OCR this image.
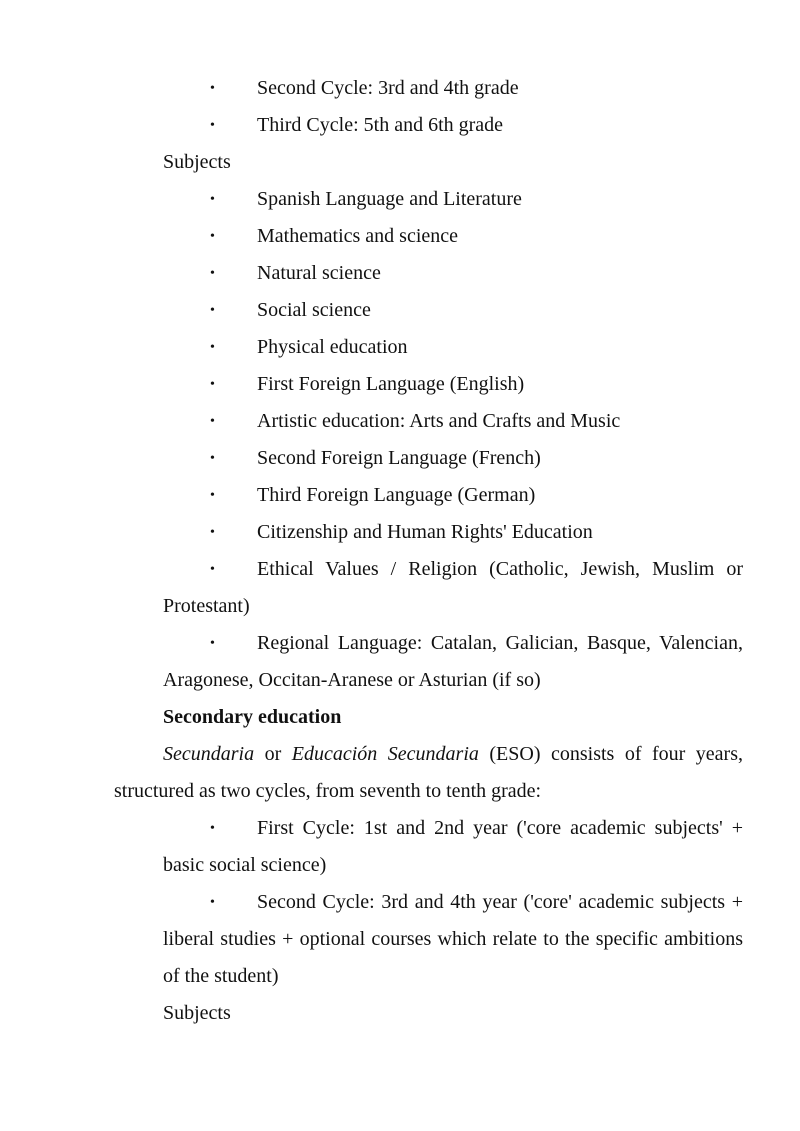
• Second Cycle: 3rd and 4th grade
• Third Cycle: 5th and 6th grade
Subjects
• Spanish Language and Literature
• Mathematics and science
• Natural science
• Social science
• Physical education
• First Foreign Language (English)
• Artistic education: Arts and Crafts and Music
• Second Foreign Language (French)
• Third Foreign Language (German)
• Citizenship and Human Rights' Education
• Ethical Values / Religion (Catholic, Jewish, Muslim or Protestant)
• Regional Language: Catalan, Galician, Basque, Valencian, Aragonese, Occitan-Aranese or Asturian (if so)
Secondary education
Secundaria or Educación Secundaria (ESO) consists of four years, structured as two cycles, from seventh to tenth grade:
• First Cycle: 1st and 2nd year ('core academic subjects' + basic social science)
• Second Cycle: 3rd and 4th year ('core' academic subjects + liberal studies + optional courses which relate to the specific ambitions of the student)
Subjects
